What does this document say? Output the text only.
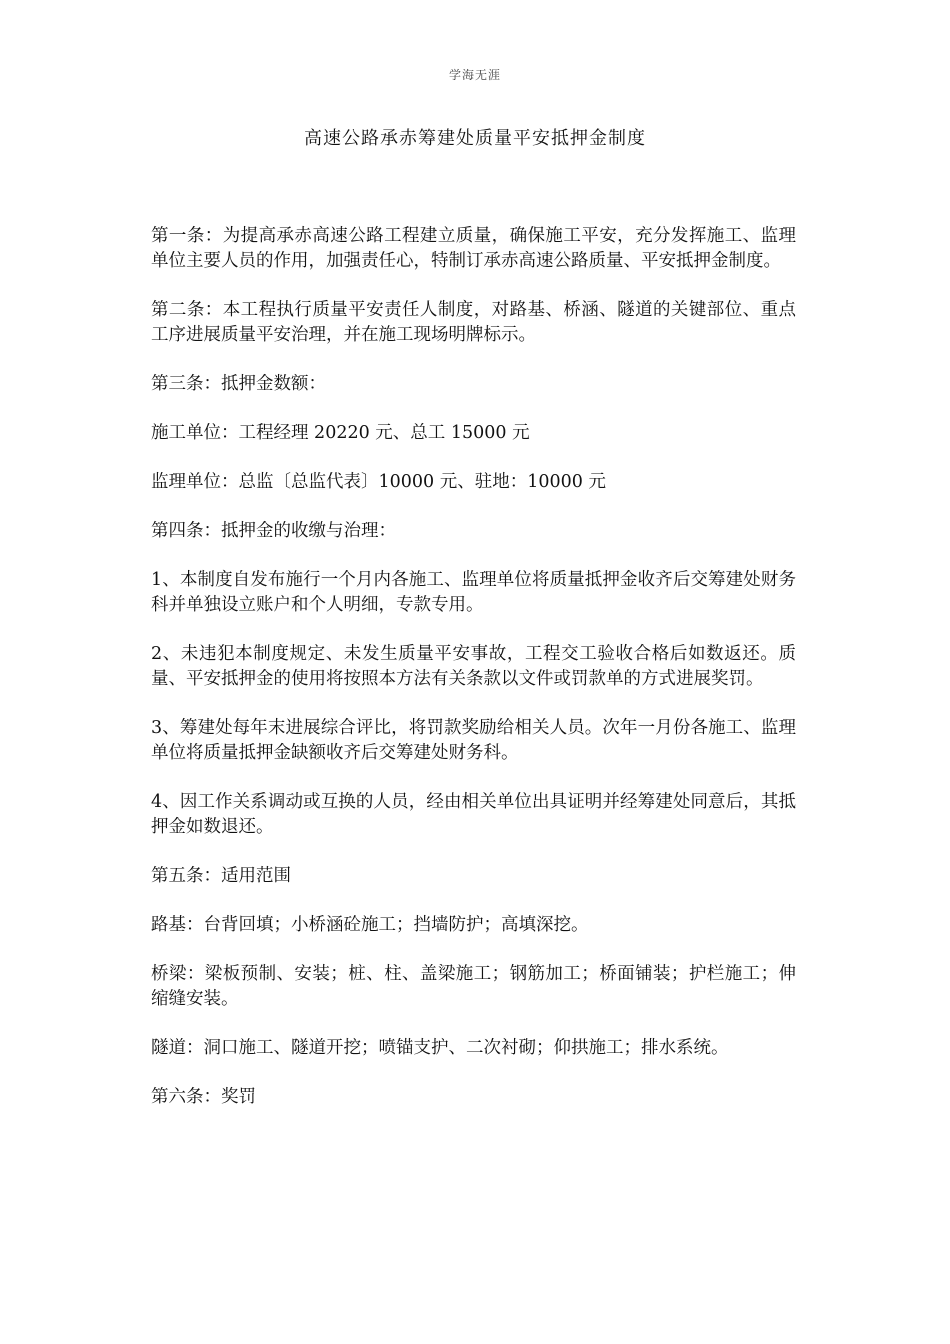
学海无涯
高速公路承赤筹建处质量平安抵押金制度

第一条：为提高承赤高速公路工程建立质量，确保施工平安，充分发挥施工、监理单位主要人员的作用，加强责任心，特制订承赤高速公路质量、平安抵押金制度。

第二条：本工程执行质量平安责任人制度，对路基、桥涵、隧道的关键部位、重点工序进展质量平安治理，并在施工现场明牌标示。

第三条：抵押金数额：

施工单位：工程经理 20220 元、总工 15000 元

监理单位：总监〔总监代表〕10000 元、驻地：10000 元

第四条：抵押金的收缴与治理：

1、本制度自发布施行一个月内各施工、监理单位将质量抵押金收齐后交筹建处财务科并单独设立账户和个人明细，专款专用。

2、未违犯本制度规定、未发生质量平安事故，工程交工验收合格后如数返还。质量、平安抵押金的使用将按照本方法有关条款以文件或罚款单的方式进展奖罚。

3、筹建处每年末进展综合评比，将罚款奖励给相关人员。次年一月份各施工、监理单位将质量抵押金缺额收齐后交筹建处财务科。

4、因工作关系调动或互换的人员，经由相关单位出具证明并经筹建处同意后，其抵押金如数退还。

第五条：适用范围

路基：台背回填；小桥涵砼施工；挡墙防护；高填深挖。

桥梁：梁板预制、安装；桩、柱、盖梁施工；钢筋加工；桥面铺装；护栏施工；伸缩缝安装。

隧道：洞口施工、隧道开挖；喷锚支护、二次衬砌；仰拱施工；排水系统。

第六条：奖罚
